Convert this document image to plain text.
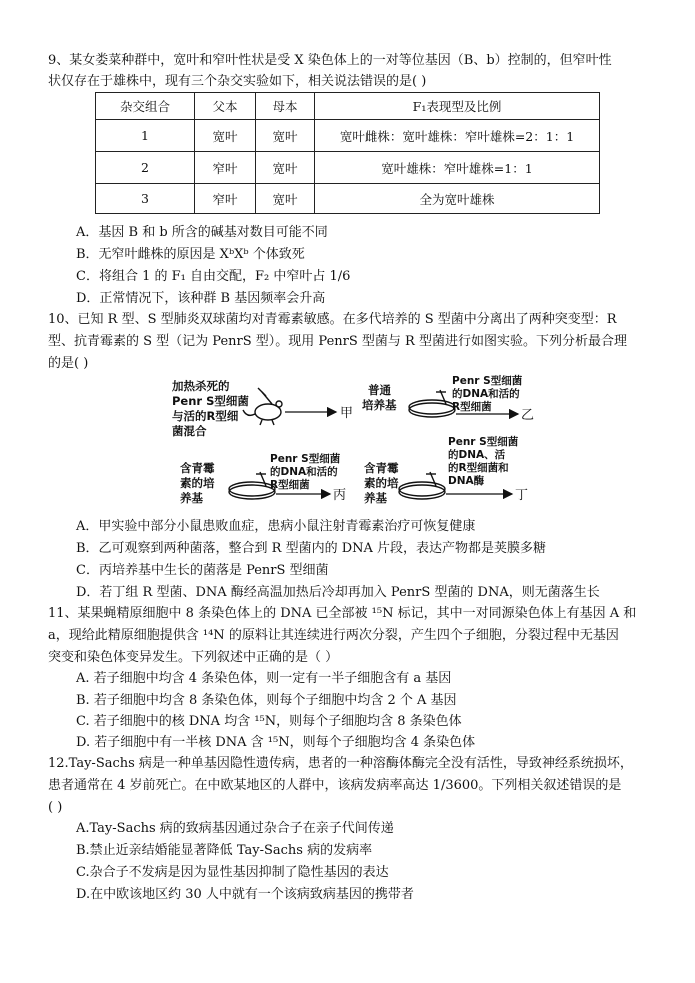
9、某女娄菜种群中，宽叶和窄叶性状是受 X 染色体上的一对等位基因（B、b）控制的，但窄叶性
状仅存在于雄株中，现有三个杂交实验如下，相关说法错误的是( )
杂交组合	父本	母本	F₁表现型及比例
1	宽叶	宽叶	宽叶雌株：宽叶雄株：窄叶雄株=2：1：1
2	窄叶	宽叶	宽叶雄株：窄叶雄株=1：1
3	窄叶	宽叶	全为宽叶雄株
A．基因 B 和 b 所含的碱基对数目可能不同
B．无窄叶雌株的原因是 XᵇXᵇ 个体致死
C．将组合 1 的 F₁ 自由交配，F₂ 中窄叶占 1/6
D．正常情况下，该种群 B 基因频率会升高
10、已知 R 型、S 型肺炎双球菌均对青霉素敏感。在多代培养的 S 型菌中分离出了两种突变型：R
型、抗青霉素的 S 型（记为 PenrS 型）。现用 PenrS 型菌与 R 型菌进行如图实验。下列分析最合理
的是( )
加热杀死的
Penr S型细菌
与活的R型细
菌混合
甲
普通
培养基
Penr S型细菌
的DNA和活的
R型细菌
乙
含青霉
素的培
养基
Penr S型细菌
的DNA和活的
R型细菌
丙
含青霉
素的培
养基
Penr S型细菌
的DNA、活
的R型细菌和
DNA酶
丁
A．甲实验中部分小鼠患败血症，患病小鼠注射青霉素治疗可恢复健康
B．乙可观察到两种菌落，整合到 R 型菌内的 DNA 片段，表达产物都是荚膜多糖
C．丙培养基中生长的菌落是 PenrS 型细菌
D．若丁组 R 型菌、DNA 酶经高温加热后冷却再加入 PenrS 型菌的 DNA，则无菌落生长
11、某果蝇精原细胞中 8 条染色体上的 DNA 已全部被 ¹⁵N 标记，其中一对同源染色体上有基因 A 和
a，现给此精原细胞提供含 ¹⁴N 的原料让其连续进行两次分裂，产生四个子细胞，分裂过程中无基因
突变和染色体变异发生。下列叙述中正确的是（ ）
A. 若子细胞中均含 4 条染色体，则一定有一半子细胞含有 a 基因
B. 若子细胞中均含 8 条染色体，则每个子细胞中均含 2 个 A 基因
C. 若子细胞中的核 DNA 均含 ¹⁵N，则每个子细胞均含 8 条染色体
D. 若子细胞中有一半核 DNA 含 ¹⁵N，则每个子细胞均含 4 条染色体
12.Tay-Sachs 病是一种单基因隐性遗传病，患者的一种溶酶体酶完全没有活性，导致神经系统损坏，
患者通常在 4 岁前死亡。在中欧某地区的人群中，该病发病率高达 1/3600。下列相关叙述错误的是
( )
A.Tay-Sachs 病的致病基因通过杂合子在亲子代间传递
B.禁止近亲结婚能显著降低 Tay-Sachs 病的发病率
C.杂合子不发病是因为显性基因抑制了隐性基因的表达
D.在中欧该地区约 30 人中就有一个该病致病基因的携带者
